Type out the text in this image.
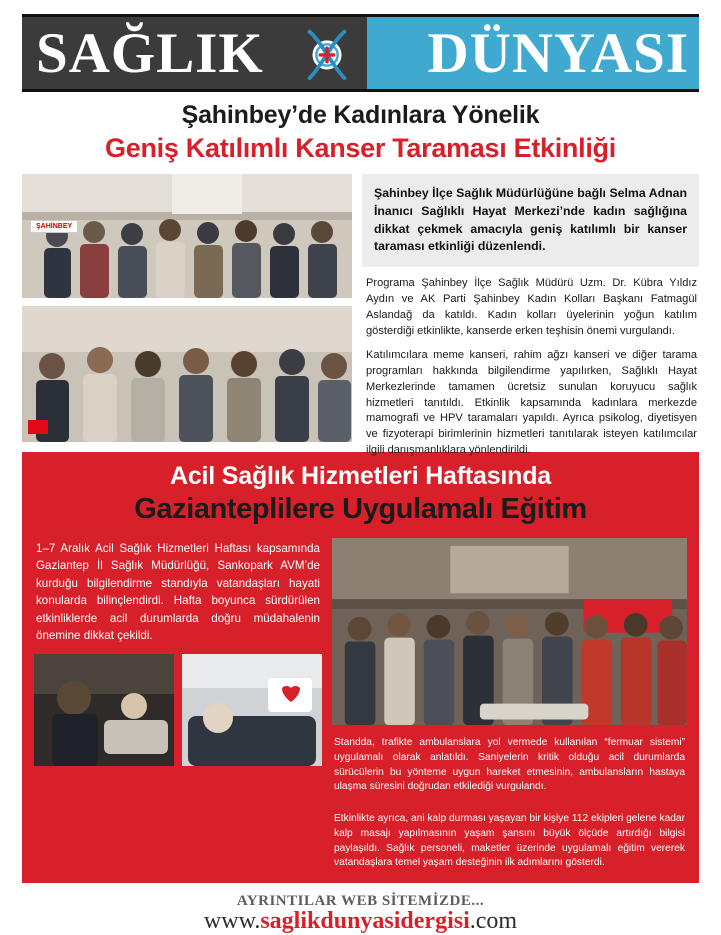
SAĞLIK	DÜNYASI
Şahinbey’de Kadınlara Yönelik
Geniş Katılımlı Kanser Taraması Etkinliği
ŞAHİNBEY
Şahinbey İlçe Sağlık Müdürlüğüne bağlı Selma Adnan İnanıcı Sağlıklı Hayat Merkezi’nde kadın sağlığına dikkat çekmek amacıyla geniş katılımlı bir kanser taraması etkinliği düzenlendi.

Programa Şahinbey İlçe Sağlık Müdürü Uzm. Dr. Kübra Yıldız Aydın ve AK Parti Şahinbey Kadın Kolları Başkanı Fatmagül Aslandağ da katıldı. Kadın kolları üyelerinin yoğun katılım gösterdiği etkinlikte, kanserde erken teşhisin önemi vurgulandı.

Katılımcılara meme kanseri, rahim ağzı kanseri ve diğer tarama programları hakkında bilgilendirme yapılırken, Sağlıklı Hayat Merkezlerinde tamamen ücretsiz sunulan koruyucu sağlık hizmetleri tanıtıldı. Etkinlik kapsamında kadınlara merkezde mamografi ve HPV taramaları yapıldı. Ayrıca psikolog, diyetisyen ve fizyoterapi birimlerinin hizmetleri tanıtılarak isteyen katılımcılar ilgili danışmanlıklara yönlendirildi.

Acil Sağlık Hizmetleri Haftasında
Gazianteplilere Uygulamalı Eğitim
1–7 Aralık Acil Sağlık Hizmetleri Haftası kapsamında Gaziantep İl Sağlık Müdürlüğü, Sankopark AVM’de kurduğu bilgilendirme standıyla vatandaşları hayati konularda bilinçlendirdi. Hafta boyunca sürdürülen etkinliklerde acil durumlarda doğru müdahalenin önemine dikkat çekildi.
Standda, trafikte ambulanslara yol vermede kullanılan “fermuar sistemi” uygulamalı olarak anlatıldı. Saniyelerin kritik olduğu acil durumlarda sürücülerin bu yönteme uygun hareket etmesinin, ambulansların hastaya ulaşma süresini doğrudan etkilediği vurgulandı.
Etkinlikte ayrıca, ani kalp durması yaşayan bir kişiye 112 ekipleri gelene kadar kalp masajı yapılmasının yaşam şansını büyük ölçüde artırdığı bilgisi paylaşıldı. Sağlık personeli, maketler üzerinde uygulamalı eğitim vererek vatandaşlara temel yaşam desteğinin ilk adımlarını gösterdi.
AYRINTILAR WEB SİTEMİZDE...
www.saglikdunyasidergisi.com
